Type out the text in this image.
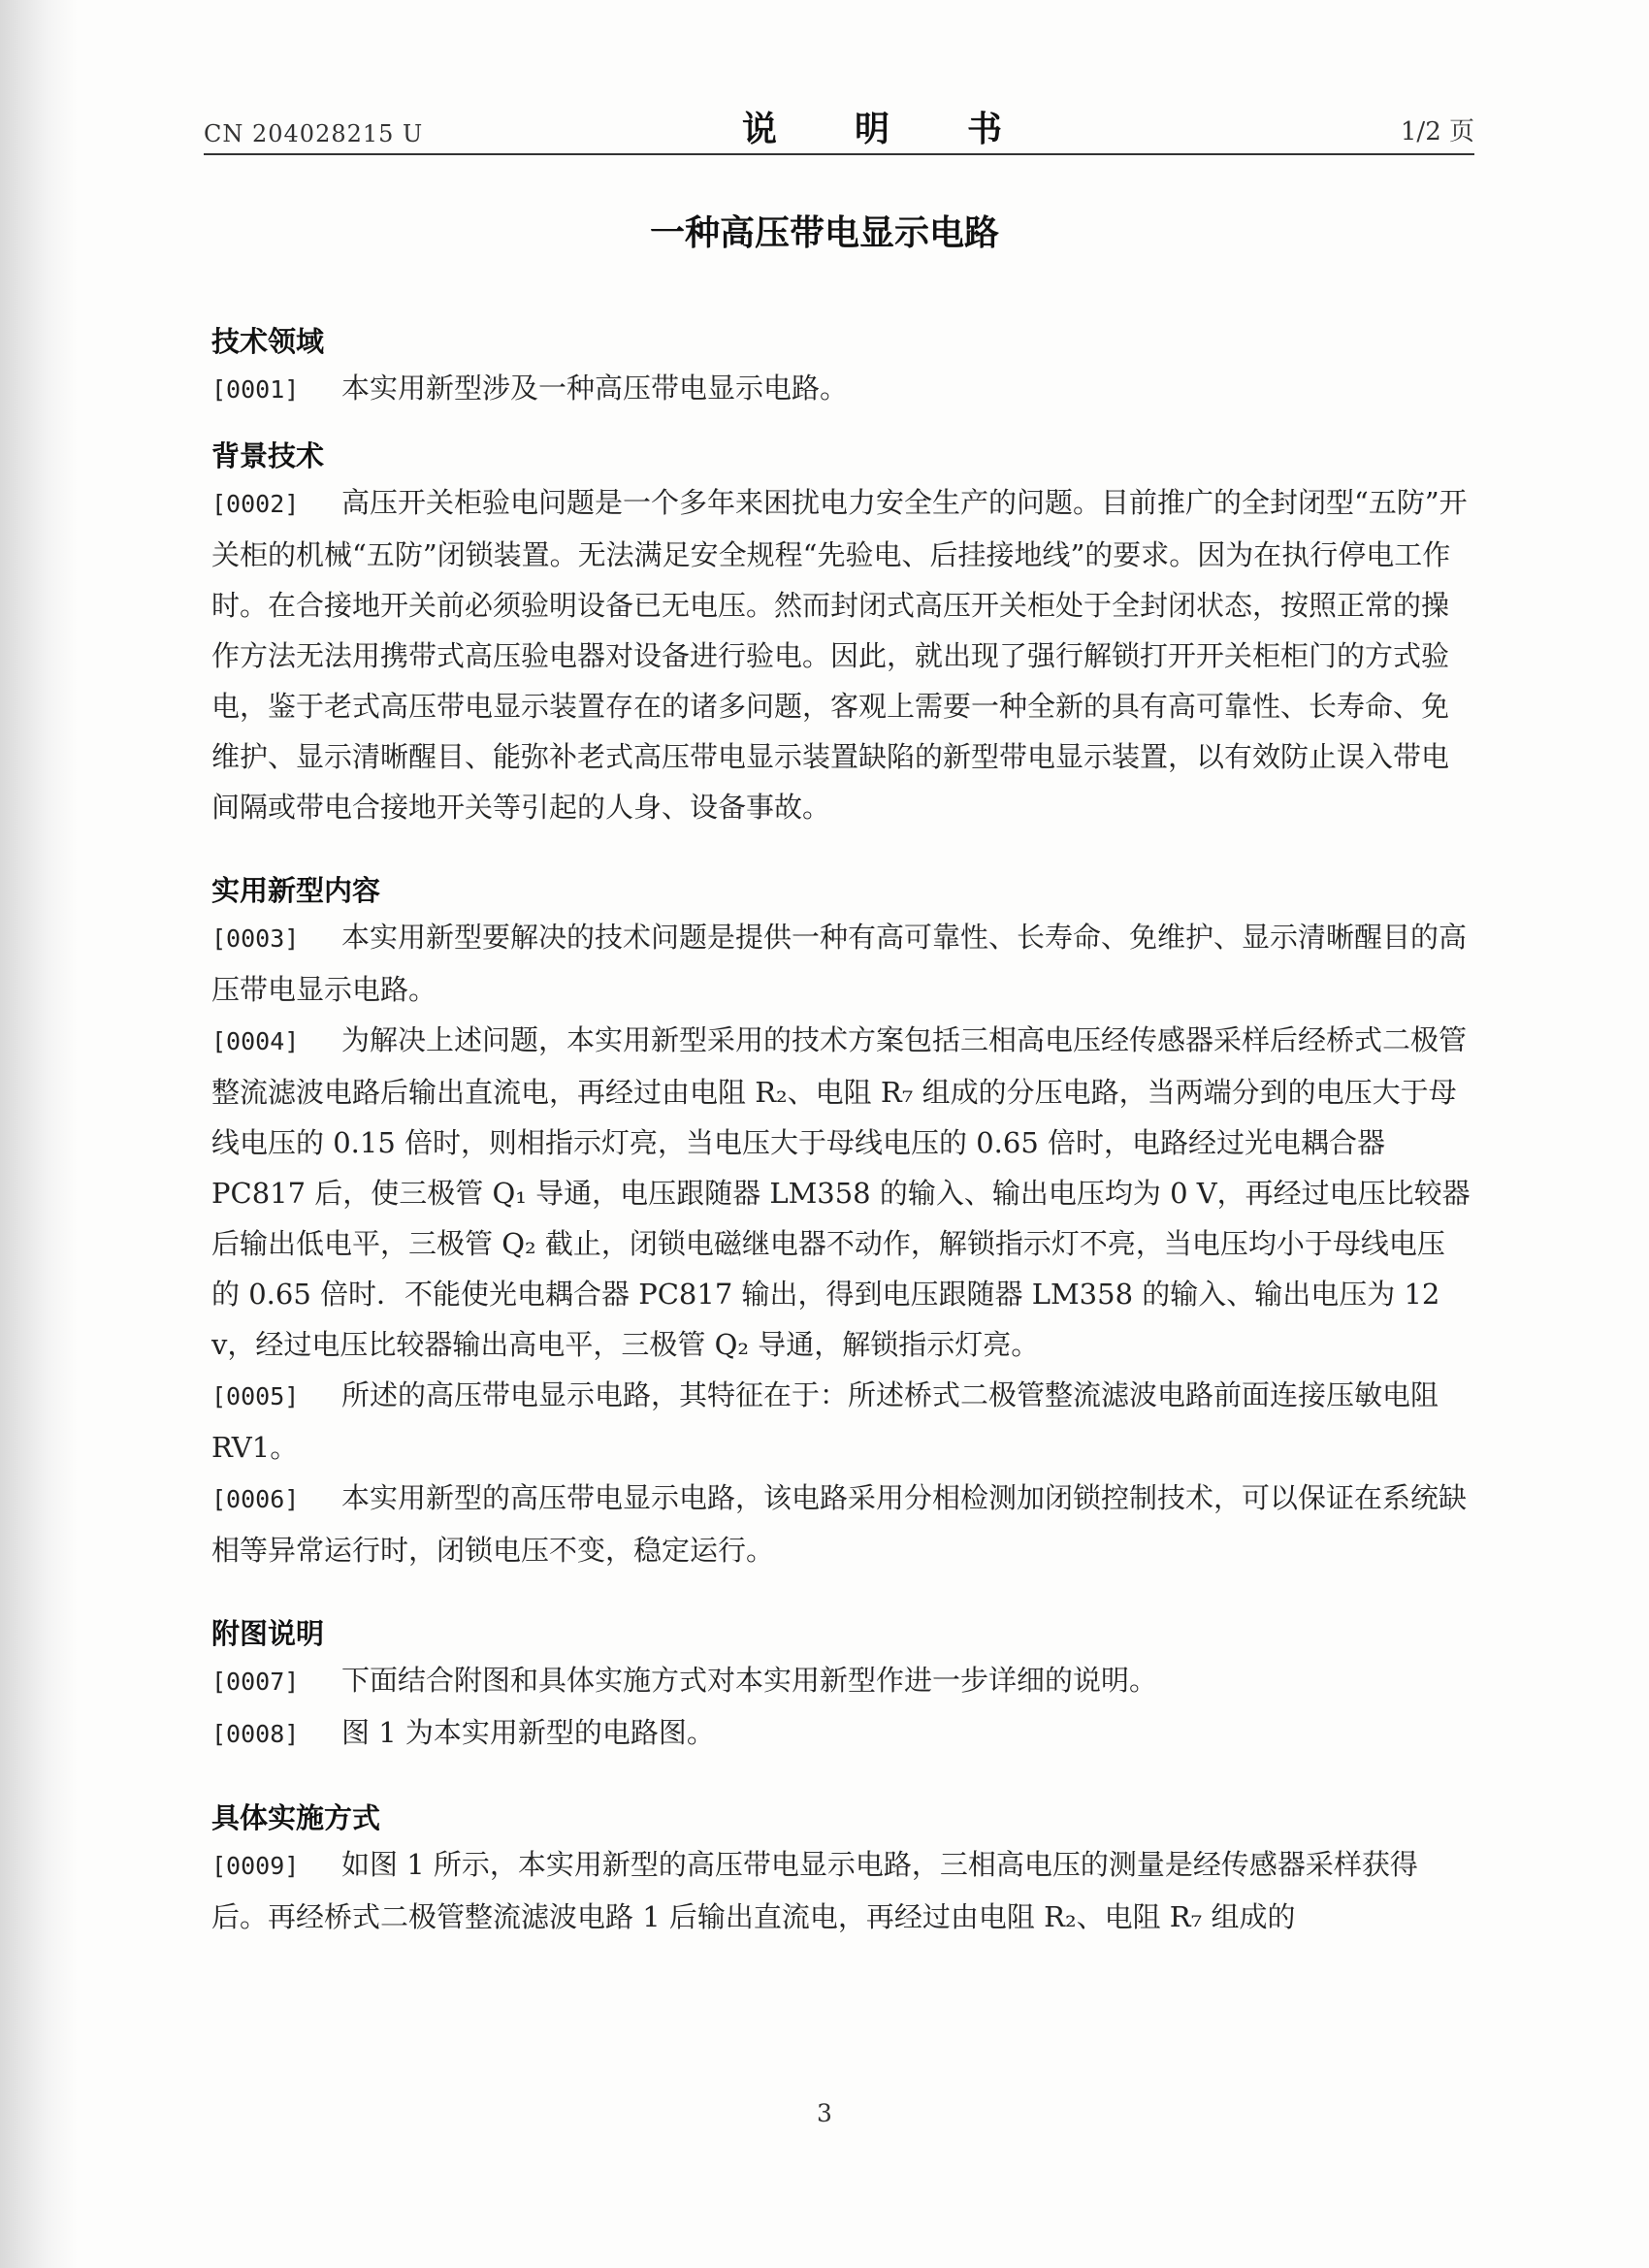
CN 204028215 U	说　明　书	1/2 页
一种高压带电显示电路
技术领域

[0001] 本实用新型涉及一种高压带电显示电路。

背景技术

[0002] 高压开关柜验电问题是一个多年来困扰电力安全生产的问题。目前推广的全封闭型“五防”开关柜的机械“五防”闭锁装置。无法满足安全规程“先验电、后挂接地线”的要求。因为在执行停电工作时。在合接地开关前必须验明设备已无电压。然而封闭式高压开关柜处于全封闭状态，按照正常的操作方法无法用携带式高压验电器对设备进行验电。因此，就出现了强行解锁打开开关柜柜门的方式验电，鉴于老式高压带电显示装置存在的诸多问题，客观上需要一种全新的具有高可靠性、长寿命、免维护、显示清晰醒目、能弥补老式高压带电显示装置缺陷的新型带电显示装置，以有效防止误入带电间隔或带电合接地开关等引起的人身、设备事故。

实用新型内容

[0003] 本实用新型要解决的技术问题是提供一种有高可靠性、长寿命、免维护、显示清晰醒目的高压带电显示电路。

[0004] 为解决上述问题，本实用新型采用的技术方案包括三相高电压经传感器采样后经桥式二极管整流滤波电路后输出直流电，再经过由电阻 R₂、电阻 R₇ 组成的分压电路，当两端分到的电压大于母线电压的 0.15 倍时，则相指示灯亮，当电压大于母线电压的 0.65 倍时，电路经过光电耦合器 PC817 后，使三极管 Q₁ 导通，电压跟随器 LM358 的输入、输出电压均为 0 V，再经过电压比较器后输出低电平，三极管 Q₂ 截止，闭锁电磁继电器不动作，解锁指示灯不亮，当电压均小于母线电压的 0.65 倍时．不能使光电耦合器 PC817 输出，得到电压跟随器 LM358 的输入、输出电压为 12 v，经过电压比较器输出高电平，三极管 Q₂ 导通，解锁指示灯亮。

[0005] 所述的高压带电显示电路，其特征在于：所述桥式二极管整流滤波电路前面连接压敏电阻 RV1。

[0006] 本实用新型的高压带电显示电路，该电路采用分相检测加闭锁控制技术，可以保证在系统缺相等异常运行时，闭锁电压不变，稳定运行。

附图说明

[0007] 下面结合附图和具体实施方式对本实用新型作进一步详细的说明。

[0008] 图 1 为本实用新型的电路图。

具体实施方式

[0009] 如图 1 所示，本实用新型的高压带电显示电路，三相高电压的测量是经传感器采样获得后。再经桥式二极管整流滤波电路 1 后输出直流电，再经过由电阻 R₂、电阻 R₇ 组成的

3
